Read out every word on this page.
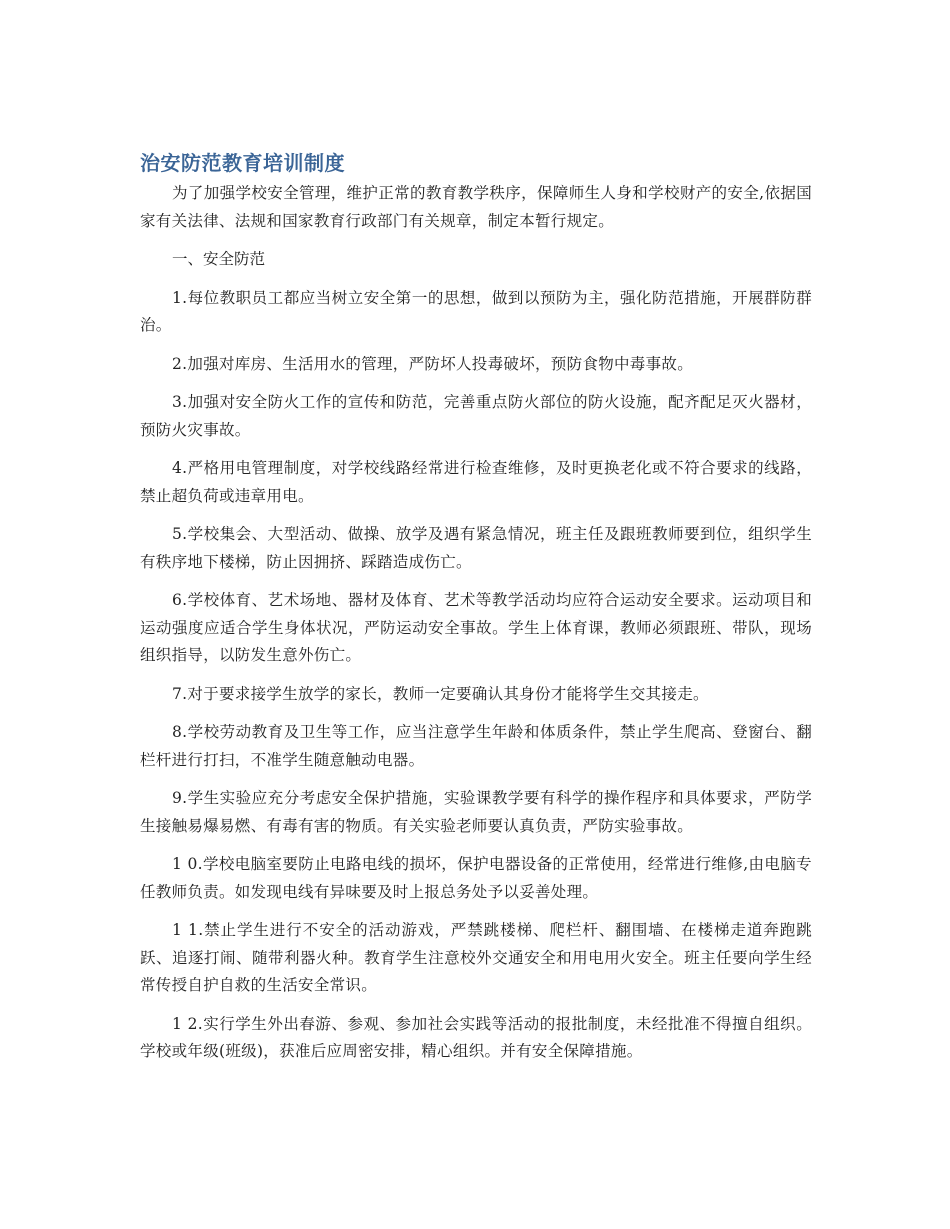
治安防范教育培训制度

为了加强学校安全管理，维护正常的教育教学秩序，保障师生人身和学校财产的安全,依据国家有关法律、法规和国家教育行政部门有关规章，制定本暂行规定。

一、安全防范

1.每位教职员工都应当树立安全第一的思想，做到以预防为主，强化防范措施，开展群防群治。

2.加强对库房、生活用水的管理，严防坏人投毒破坏，预防食物中毒事故。

3.加强对安全防火工作的宣传和防范，完善重点防火部位的防火设施，配齐配足灭火器材，预防火灾事故。

4.严格用电管理制度，对学校线路经常进行检查维修，及时更换老化或不符合要求的线路，禁止超负荷或违章用电。

5.学校集会、大型活动、做操、放学及遇有紧急情况，班主任及跟班教师要到位，组织学生有秩序地下楼梯，防止因拥挤、踩踏造成伤亡。

6.学校体育、艺术场地、器材及体育、艺术等教学活动均应符合运动安全要求。运动项目和运动强度应适合学生身体状况，严防运动安全事故。学生上体育课，教师必须跟班、带队，现场组织指导，以防发生意外伤亡。

7.对于要求接学生放学的家长，教师一定要确认其身份才能将学生交其接走。

8.学校劳动教育及卫生等工作，应当注意学生年龄和体质条件，禁止学生爬高、登窗台、翻栏杆进行打扫，不准学生随意触动电器。

9.学生实验应充分考虑安全保护措施，实验课教学要有科学的操作程序和具体要求，严防学生接触易爆易燃、有毒有害的物质。有关实验老师要认真负责，严防实验事故。

1 0.学校电脑室要防止电路电线的损坏，保护电器设备的正常使用，经常进行维修,由电脑专任教师负责。如发现电线有异味要及时上报总务处予以妥善处理。

1 1.禁止学生进行不安全的活动游戏，严禁跳楼梯、爬栏杆、翻围墙、在楼梯走道奔跑跳跃、追逐打闹、随带利器火种。教育学生注意校外交通安全和用电用火安全。班主任要向学生经常传授自护自救的生活安全常识。

1 2.实行学生外出春游、参观、参加社会实践等活动的报批制度，未经批准不得擅自组织。学校或年级(班级)，获准后应周密安排，精心组织。并有安全保障措施。
